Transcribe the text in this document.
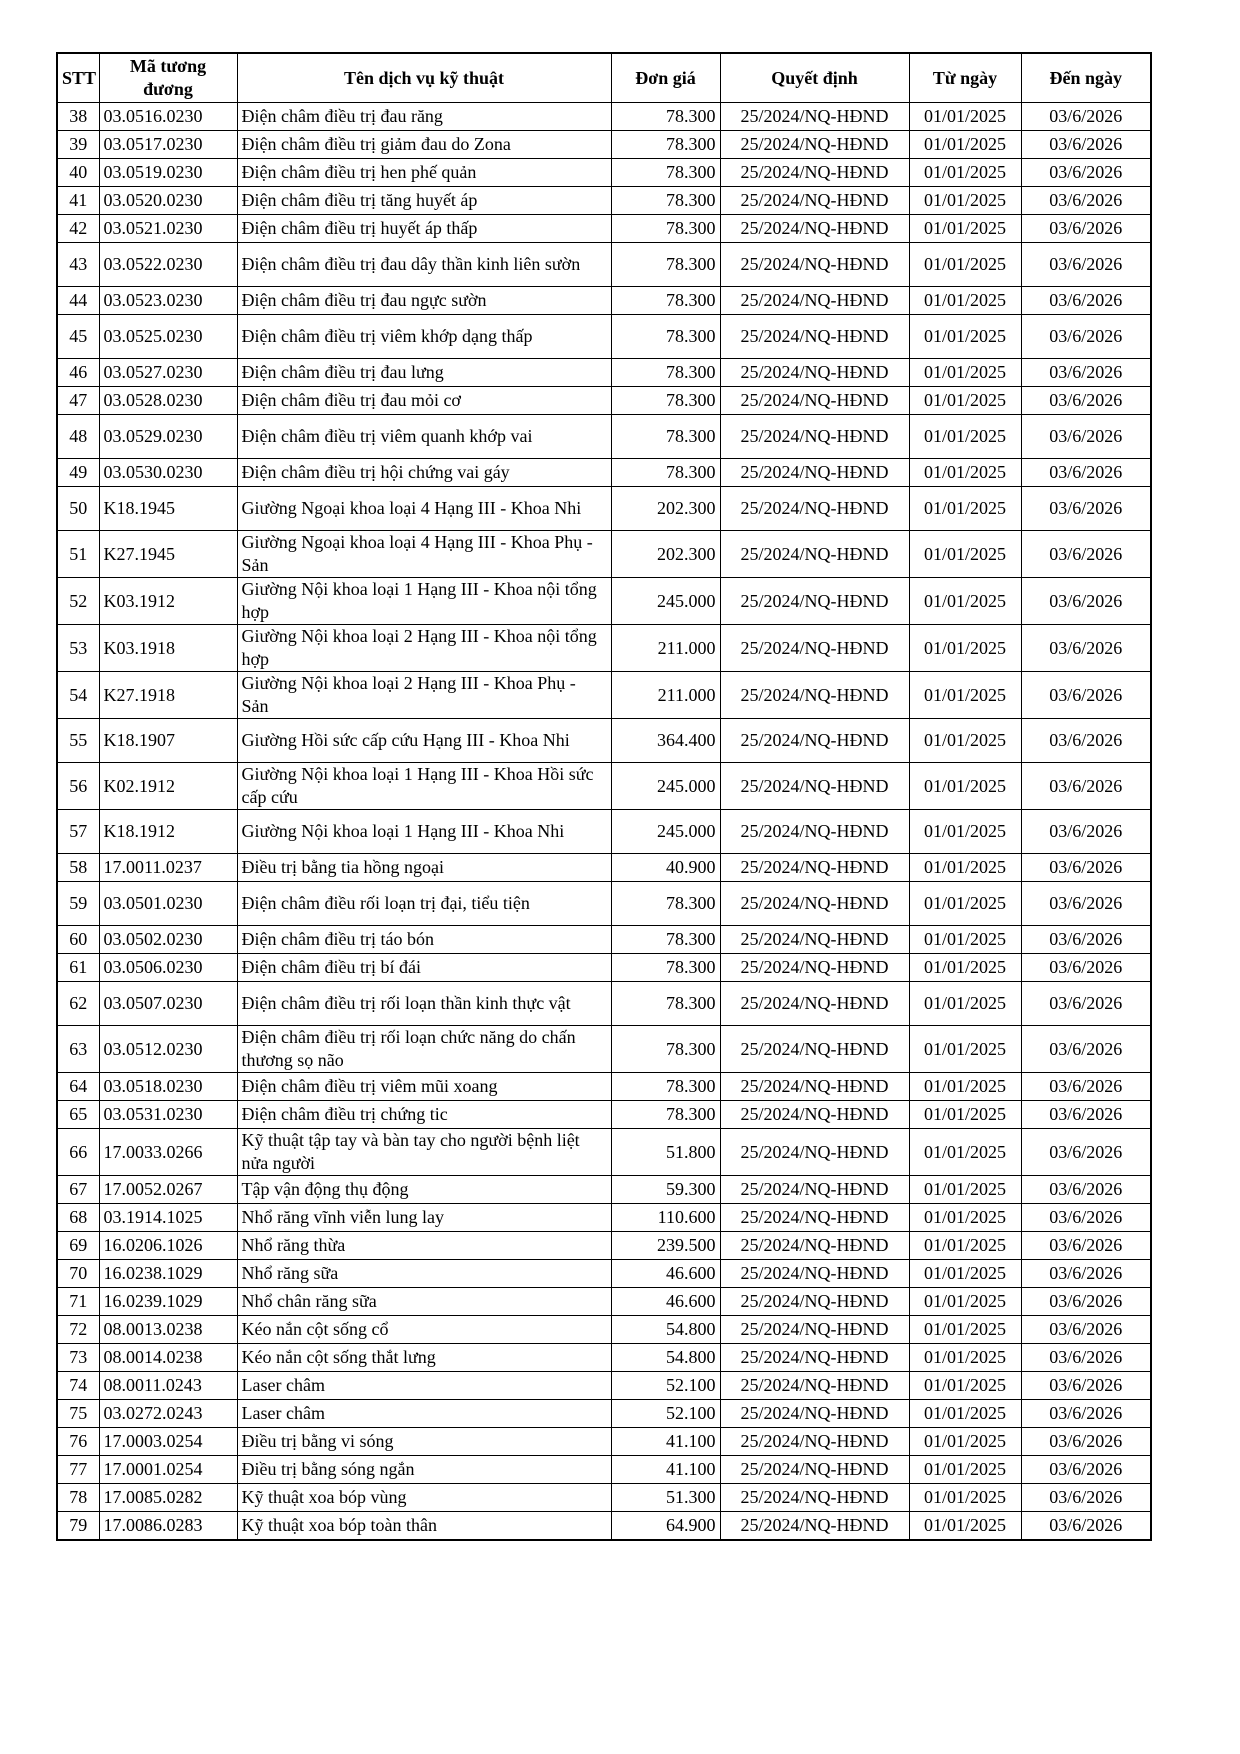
STT	Mã tương đương	Tên dịch vụ kỹ thuật	Đơn giá	Quyết định	Từ ngày	Đến ngày
38	03.0516.0230	Điện châm điều trị đau răng	78.300	25/2024/NQ-HĐND	01/01/2025	03/6/2026
39	03.0517.0230	Điện châm điều trị giảm đau do Zona	78.300	25/2024/NQ-HĐND	01/01/2025	03/6/2026
40	03.0519.0230	Điện châm điều trị hen phế quản	78.300	25/2024/NQ-HĐND	01/01/2025	03/6/2026
41	03.0520.0230	Điện châm điều trị tăng huyết áp	78.300	25/2024/NQ-HĐND	01/01/2025	03/6/2026
42	03.0521.0230	Điện châm điều trị huyết áp thấp	78.300	25/2024/NQ-HĐND	01/01/2025	03/6/2026
43	03.0522.0230	Điện châm điều trị đau dây thần kinh liên sườn	78.300	25/2024/NQ-HĐND	01/01/2025	03/6/2026
44	03.0523.0230	Điện châm điều trị đau ngực sườn	78.300	25/2024/NQ-HĐND	01/01/2025	03/6/2026
45	03.0525.0230	Điện châm điều trị viêm khớp dạng thấp	78.300	25/2024/NQ-HĐND	01/01/2025	03/6/2026
46	03.0527.0230	Điện châm điều trị đau lưng	78.300	25/2024/NQ-HĐND	01/01/2025	03/6/2026
47	03.0528.0230	Điện châm điều trị đau mỏi cơ	78.300	25/2024/NQ-HĐND	01/01/2025	03/6/2026
48	03.0529.0230	Điện châm điều trị viêm quanh khớp vai	78.300	25/2024/NQ-HĐND	01/01/2025	03/6/2026
49	03.0530.0230	Điện châm điều trị hội chứng vai gáy	78.300	25/2024/NQ-HĐND	01/01/2025	03/6/2026
50	K18.1945	Giường Ngoại khoa loại 4 Hạng III - Khoa Nhi	202.300	25/2024/NQ-HĐND	01/01/2025	03/6/2026
51	K27.1945	Giường Ngoại khoa loại 4 Hạng III - Khoa Phụ - Sản	202.300	25/2024/NQ-HĐND	01/01/2025	03/6/2026
52	K03.1912	Giường Nội khoa loại 1 Hạng III - Khoa nội tổng hợp	245.000	25/2024/NQ-HĐND	01/01/2025	03/6/2026
53	K03.1918	Giường Nội khoa loại 2 Hạng III - Khoa nội tổng hợp	211.000	25/2024/NQ-HĐND	01/01/2025	03/6/2026
54	K27.1918	Giường Nội khoa loại 2 Hạng III - Khoa Phụ - Sản	211.000	25/2024/NQ-HĐND	01/01/2025	03/6/2026
55	K18.1907	Giường Hồi sức cấp cứu Hạng III - Khoa Nhi	364.400	25/2024/NQ-HĐND	01/01/2025	03/6/2026
56	K02.1912	Giường Nội khoa loại 1 Hạng III - Khoa Hồi sức cấp cứu	245.000	25/2024/NQ-HĐND	01/01/2025	03/6/2026
57	K18.1912	Giường Nội khoa loại 1 Hạng III - Khoa Nhi	245.000	25/2024/NQ-HĐND	01/01/2025	03/6/2026
58	17.0011.0237	Điều trị bằng tia hồng ngoại	40.900	25/2024/NQ-HĐND	01/01/2025	03/6/2026
59	03.0501.0230	Điện châm điều rối loạn trị đại, tiểu tiện	78.300	25/2024/NQ-HĐND	01/01/2025	03/6/2026
60	03.0502.0230	Điện châm điều trị táo bón	78.300	25/2024/NQ-HĐND	01/01/2025	03/6/2026
61	03.0506.0230	Điện châm điều trị bí đái	78.300	25/2024/NQ-HĐND	01/01/2025	03/6/2026
62	03.0507.0230	Điện châm điều trị rối loạn thần kinh thực vật	78.300	25/2024/NQ-HĐND	01/01/2025	03/6/2026
63	03.0512.0230	Điện châm điều trị rối loạn chức năng do chấn thương sọ não	78.300	25/2024/NQ-HĐND	01/01/2025	03/6/2026
64	03.0518.0230	Điện châm điều trị viêm mũi xoang	78.300	25/2024/NQ-HĐND	01/01/2025	03/6/2026
65	03.0531.0230	Điện châm điều trị chứng tic	78.300	25/2024/NQ-HĐND	01/01/2025	03/6/2026
66	17.0033.0266	Kỹ thuật tập tay và bàn tay cho người bệnh liệt nửa người	51.800	25/2024/NQ-HĐND	01/01/2025	03/6/2026
67	17.0052.0267	Tập vận động thụ động	59.300	25/2024/NQ-HĐND	01/01/2025	03/6/2026
68	03.1914.1025	Nhổ răng vĩnh viễn lung lay	110.600	25/2024/NQ-HĐND	01/01/2025	03/6/2026
69	16.0206.1026	Nhổ răng thừa	239.500	25/2024/NQ-HĐND	01/01/2025	03/6/2026
70	16.0238.1029	Nhổ răng sữa	46.600	25/2024/NQ-HĐND	01/01/2025	03/6/2026
71	16.0239.1029	Nhổ chân răng sữa	46.600	25/2024/NQ-HĐND	01/01/2025	03/6/2026
72	08.0013.0238	Kéo nắn cột sống cổ	54.800	25/2024/NQ-HĐND	01/01/2025	03/6/2026
73	08.0014.0238	Kéo nắn cột sống thắt lưng	54.800	25/2024/NQ-HĐND	01/01/2025	03/6/2026
74	08.0011.0243	Laser châm	52.100	25/2024/NQ-HĐND	01/01/2025	03/6/2026
75	03.0272.0243	Laser châm	52.100	25/2024/NQ-HĐND	01/01/2025	03/6/2026
76	17.0003.0254	Điều trị bằng vi sóng	41.100	25/2024/NQ-HĐND	01/01/2025	03/6/2026
77	17.0001.0254	Điều trị bằng sóng ngắn	41.100	25/2024/NQ-HĐND	01/01/2025	03/6/2026
78	17.0085.0282	Kỹ thuật xoa bóp vùng	51.300	25/2024/NQ-HĐND	01/01/2025	03/6/2026
79	17.0086.0283	Kỹ thuật xoa bóp toàn thân	64.900	25/2024/NQ-HĐND	01/01/2025	03/6/2026
